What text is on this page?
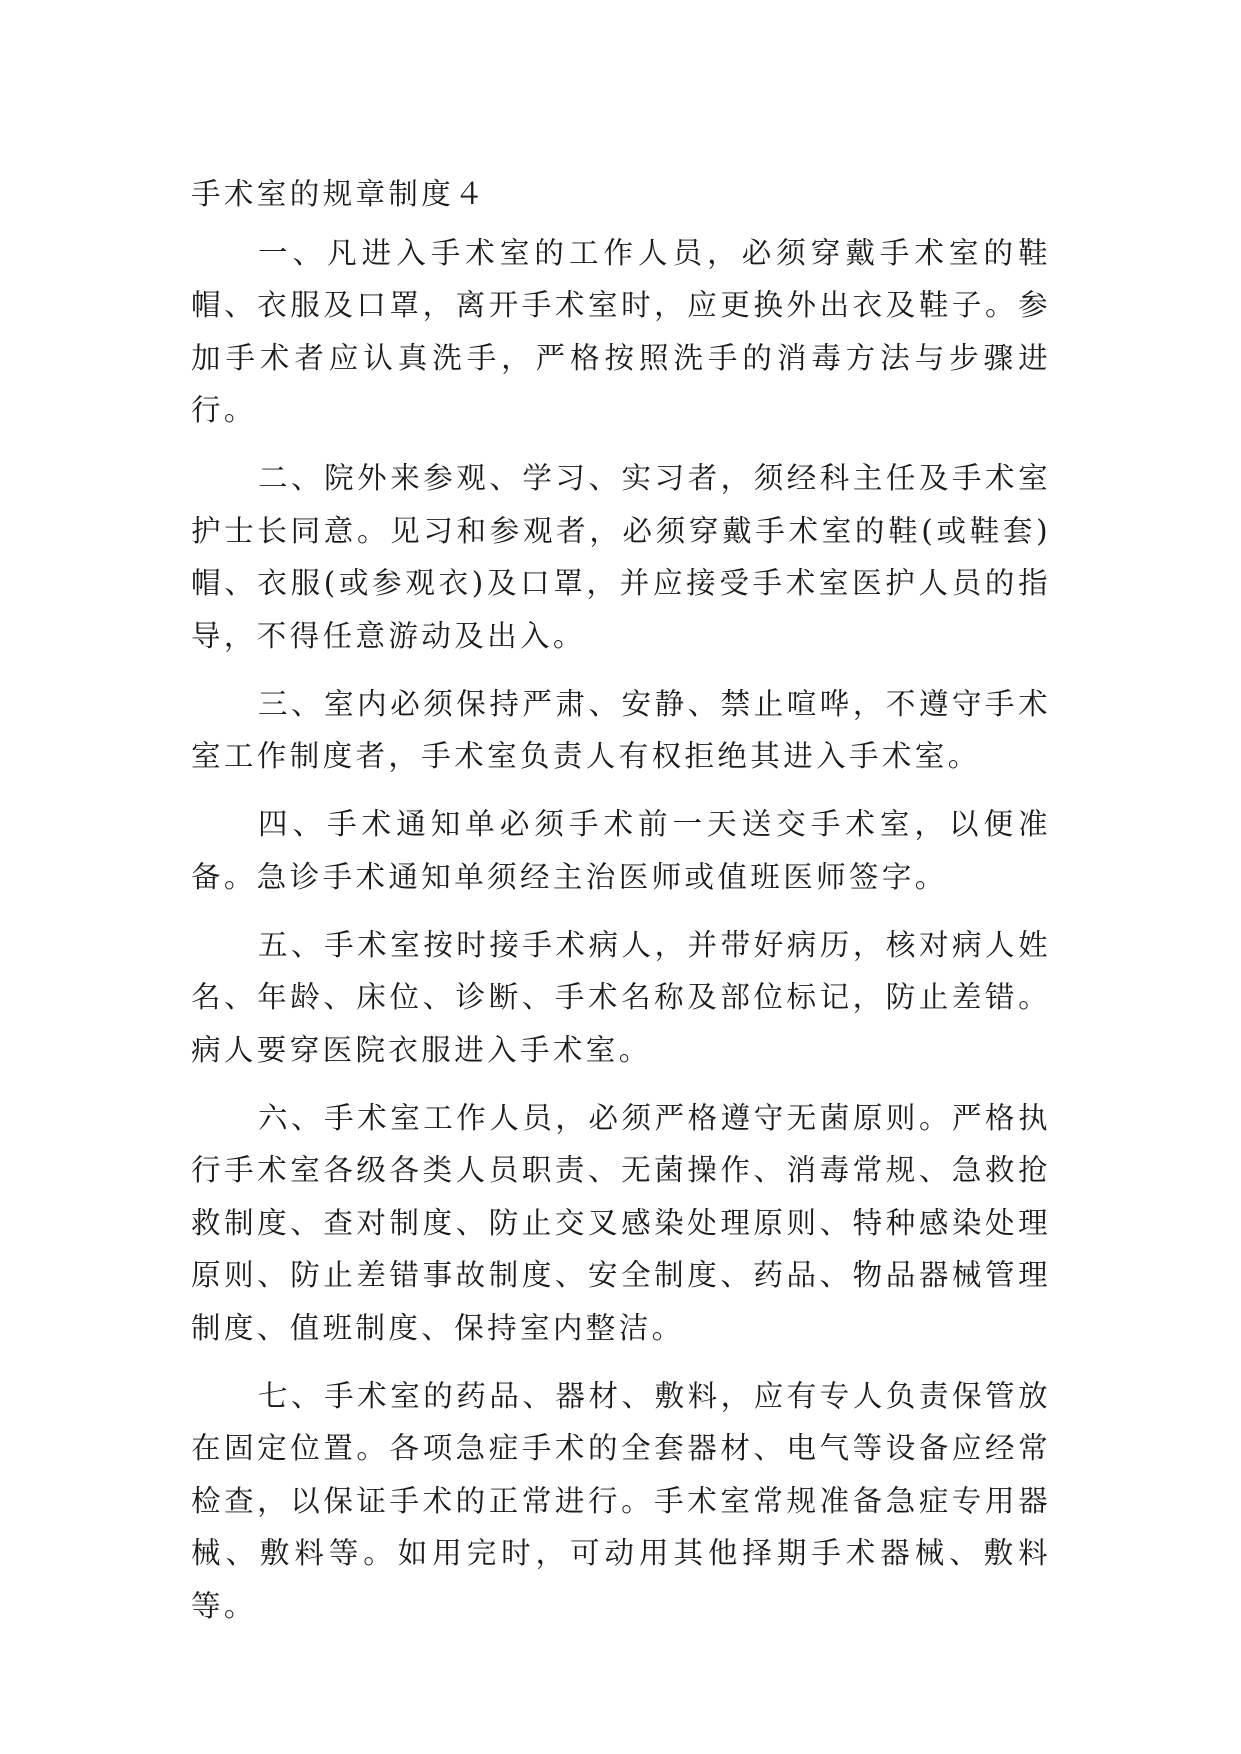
手术室的规章制度４

一、凡进入手术室的工作人员，必须穿戴手术室的鞋帽、衣服及口罩，离开手术室时，应更换外出衣及鞋子。参加手术者应认真洗手，严格按照洗手的消毒方法与步骤进行。

二、院外来参观、学习、实习者，须经科主任及手术室护士长同意。见习和参观者，必须穿戴手术室的鞋(或鞋套)帽、衣服(或参观衣)及口罩，并应接受手术室医护人员的指导，不得任意游动及出入。

三、室内必须保持严肃、安静、禁止喧哗，不遵守手术室工作制度者，手术室负责人有权拒绝其进入手术室。

四、手术通知单必须手术前一天送交手术室，以便准备。急诊手术通知单须经主治医师或值班医师签字。

五、手术室按时接手术病人，并带好病历，核对病人姓名、年龄、床位、诊断、手术名称及部位标记，防止差错。病人要穿医院衣服进入手术室。

六、手术室工作人员，必须严格遵守无菌原则。严格执行手术室各级各类人员职责、无菌操作、消毒常规、急救抢救制度、查对制度、防止交叉感染处理原则、特种感染处理原则、防止差错事故制度、安全制度、药品、物品器械管理制度、值班制度、保持室内整洁。

七、手术室的药品、器材、敷料，应有专人负责保管放在固定位置。各项急症手术的全套器材、电气等设备应经常检查，以保证手术的正常进行。手术室常规准备急症专用器械、敷料等。如用完时，可动用其他择期手术器械、敷料等。
